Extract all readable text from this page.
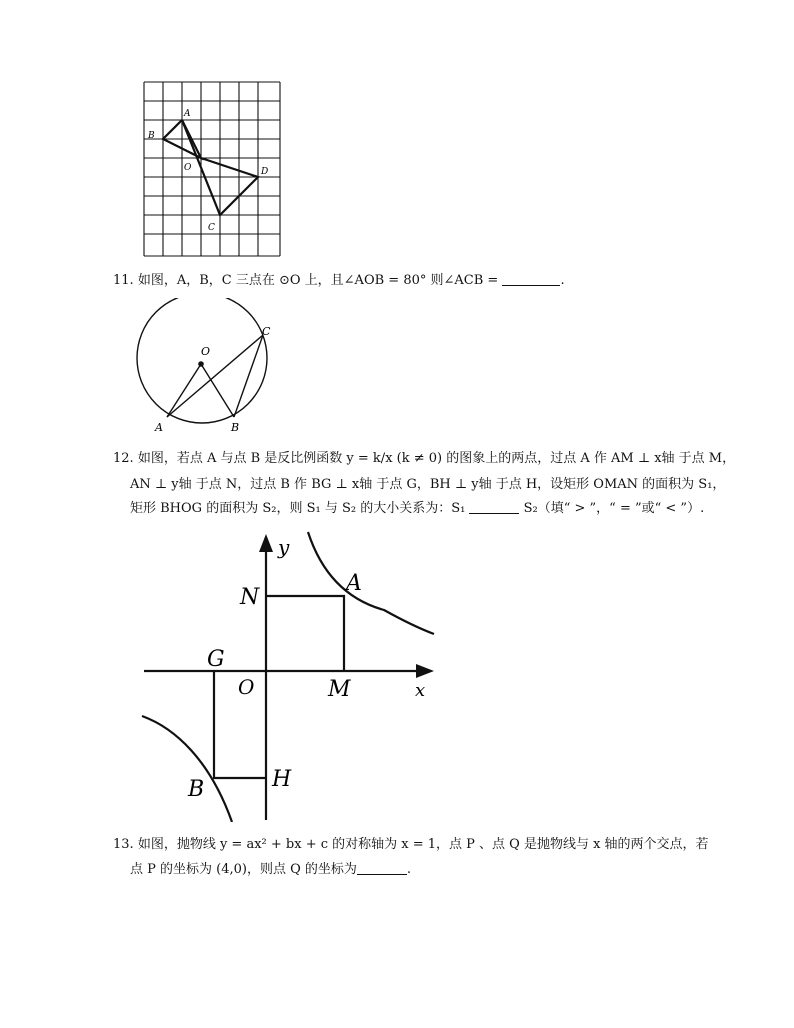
A
B
O	D
C
11. 如图，A，B，C 三点在 ⊙O 上，且∠AOB = 80° 则∠ACB =	.
O
C
A	B
12. 如图，若点 A 与点 B 是反比例函数 y = k/x (k ≠ 0) 的图象上的两点，过点 A 作 AM ⊥ x轴 于点 M，
AN ⊥ y轴 于点 N，过点 B 作 BG ⊥ x轴 于点 G，BH ⊥ y轴 于点 H，设矩形 OMAN 的面积为 S₁，
矩形 BHOG 的面积为 S₂，则 S₁ 与 S₂ 的大小关系为：S₁	S₂（填“ > ”，“ = ”或“ < ”）.
y
x
N
A
G
O	M
B	H
13. 如图，抛物线 y = ax² + bx + c 的对称轴为 x = 1，点 P 、点 Q 是抛物线与 x 轴的两个交点，若
点 P 的坐标为 (4,0)，则点 Q 的坐标为	.
